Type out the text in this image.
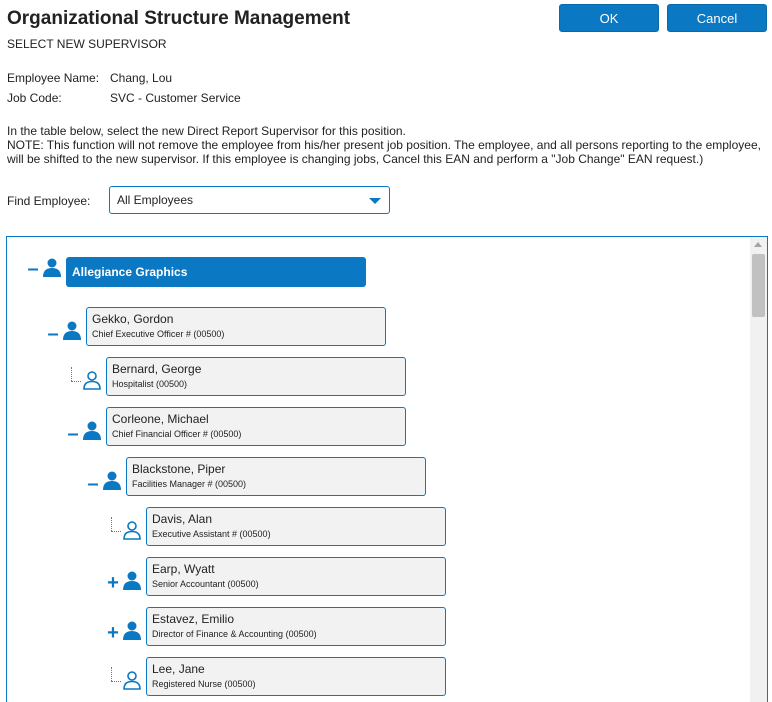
Organizational Structure Management
SELECT NEW SUPERVISOR
OK	Cancel
Employee Name: Chang, Lou
Job Code:	SVC - Customer Service
In the table below, select the new Direct Report Supervisor for this position.
NOTE: This function will not remove the employee from his/her present job position. The employee, and all persons reporting to the employee, will be shifted to the new supervisor. If this employee is changing jobs, Cancel this EAN and perform a "Job Change" EAN request.)
Find Employee: All Employees
–	Allegiance Graphics
–
Gekko, Gordon
Chief Executive Officer # (00500)
Bernard, George
Hospitalist (00500)
–
Corleone, Michael
Chief Financial Officer # (00500)
–
Blackstone, Piper
Facilities Manager # (00500)
Davis, Alan
Executive Assistant # (00500)
+
Earp, Wyatt
Senior Accountant (00500)
+
Estavez, Emilio
Director of Finance & Accounting (00500)
Lee, Jane
Registered Nurse (00500)
